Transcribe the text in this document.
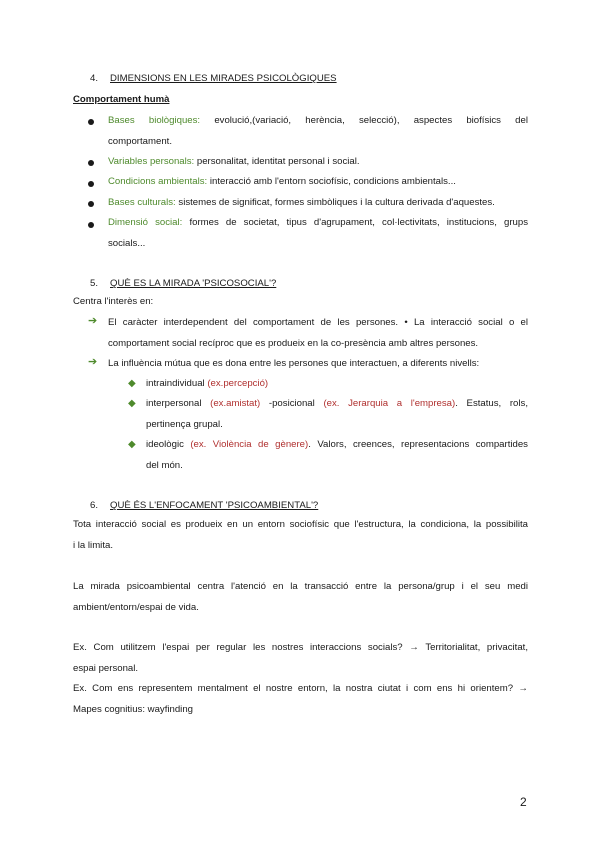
4. DIMENSIONS EN LES MIRADES PSICOLÒGIQUES
Comportament humà
Bases biològiques: evolució,(variació, herència, selecció), aspectes biofísics del
comportament.
Variables personals: personalitat, identitat personal i social.
Condicions ambientals: interacció amb l'entorn sociofísic, condicions ambientals...
Bases culturals: sistemes de significat, formes simbòliques i la cultura derivada d'aquestes.
Dimensió social: formes de societat, tipus d'agrupament, col·lectivitats, institucions, grups
socials...
5. QUÈ ES LA MIRADA 'PSICOSOCIAL'?
Centra l'interès en:
➔ El caràcter interdependent del comportament de les persones. • La interacció social o el
comportament social recíproc que es produeix en la co-presència amb altres persones.
➔ La influència mútua que es dona entre les persones que interactuen, a diferents nivells:
◆ intraindividual (ex.percepció)
◆ interpersonal (ex.amistat) -posicional (ex. Jerarquia a l'empresa). Estatus, rols,
pertinença grupal.
◆ ideològic (ex. Violència de gènere). Valors, creences, representacions compartides
del món.
6. QUÈ ÉS L'ENFOCAMENT 'PSICOAMBIENTAL'?
Tota interacció social es produeix en un entorn sociofísic que l'estructura, la condiciona, la possibilita
i la limita.
La mirada psicoambiental centra l'atenció en la transacció entre la persona/grup i el seu medi
ambient/entorn/espai de vida.
Ex. Com utilitzem l'espai per regular les nostres interaccions socials? → Territorialitat, privacitat,
espai personal.
Ex. Com ens representem mentalment el nostre entorn, la nostra ciutat i com ens hi orientem? →
Mapes cognitius: wayfinding
2
